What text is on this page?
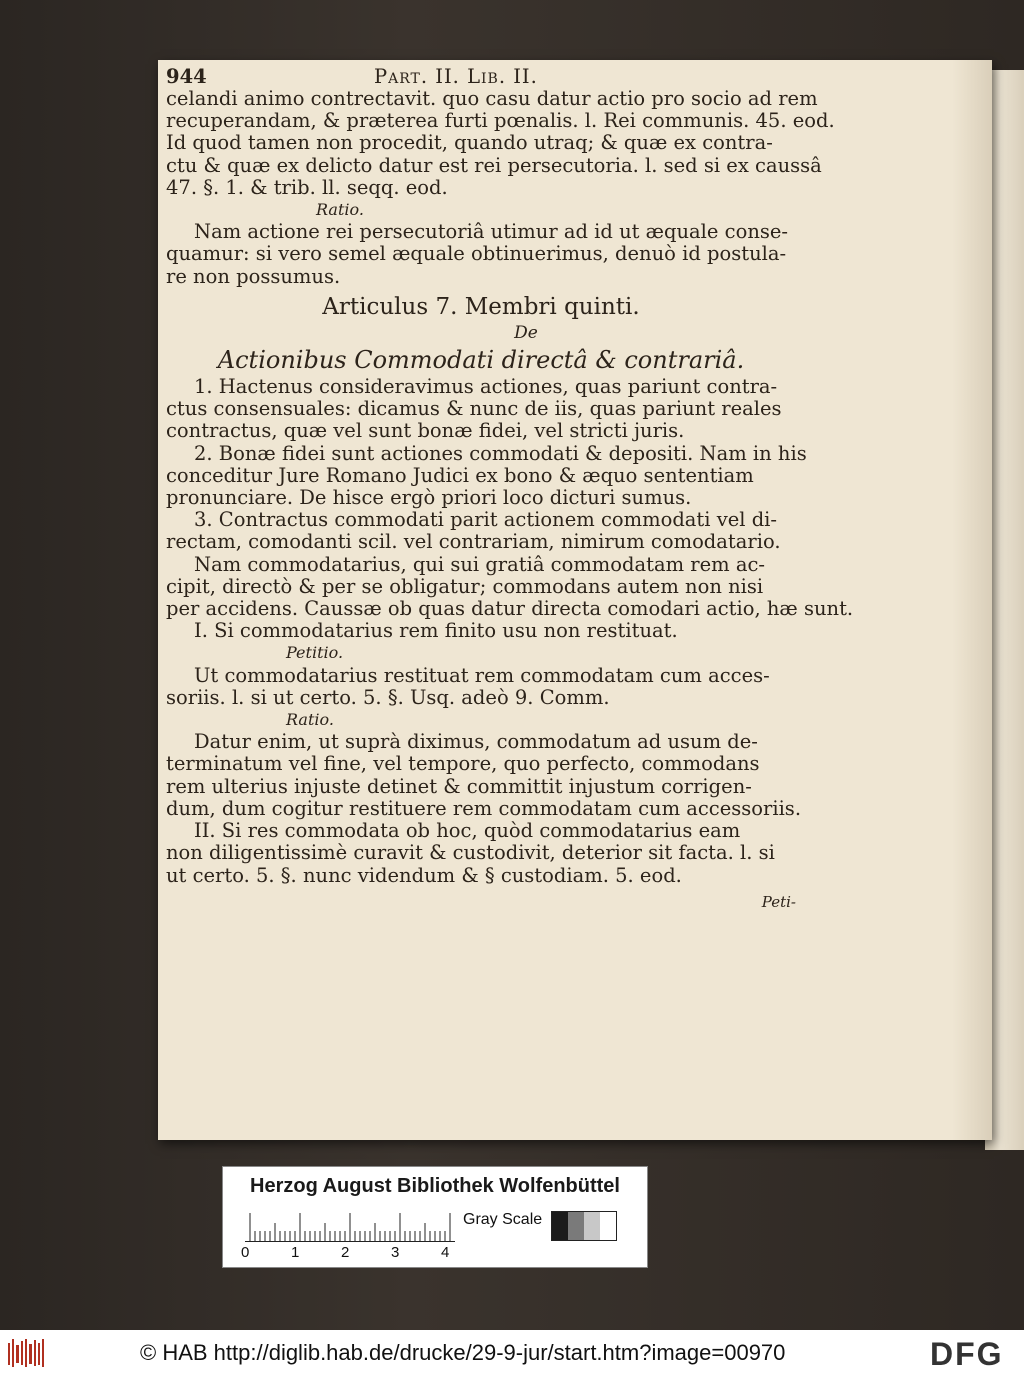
944	Part. II. Lib. II.
celandi animo contrectavit. quo casu datur actio pro socio ad rem
recuperandam, & præterea furti pœnalis. l. Rei communis. 45. eod.
Id quod tamen non procedit, quando utraq; & quæ ex contra-
ctu & quæ ex delicto datur est rei persecutoria. l. sed si ex caussâ
47. §. 1. & trib. ll. seqq. eod.
Ratio.
Nam actione rei persecutoriâ utimur ad id ut æquale conse-
quamur: si vero semel æquale obtinuerimus, denuò id postula-
re non possumus.
Articulus 7. Membri quinti.
De
Actionibus Commodati directâ & contrariâ.
1. Hactenus consideravimus actiones, quas pariunt contra-
ctus consensuales: dicamus & nunc de iis, quas pariunt reales
contractus, quæ vel sunt bonæ fidei, vel stricti juris.
2. Bonæ fidei sunt actiones commodati & depositi. Nam in his
conceditur Jure Romano Judici ex bono & æquo sententiam
pronunciare. De hisce ergò priori loco dicturi sumus.
3. Contractus commodati parit actionem commodati vel di-
rectam, comodanti scil. vel contrariam, nimirum comodatario.
Nam commodatarius, qui sui gratiâ commodatam rem ac-
cipit, directò & per se obligatur; commodans autem non nisi
per accidens. Caussæ ob quas datur directa comodari actio, hæ sunt.
I. Si commodatarius rem finito usu non restituat.
Petitio.
Ut commodatarius restituat rem commodatam cum acces-
soriis. l. si ut certo. 5. §. Usq. adeò 9. Comm.
Ratio.
Datur enim, ut suprà diximus, commodatum ad usum de-
terminatum vel fine, vel tempore, quo perfecto, commodans
rem ulterius injuste detinet & committit injustum corrigen-
dum, dum cogitur restituere rem commodatam cum accessoriis.
II. Si res commodata ob hoc, quòd commodatarius eam
non diligentissimè curavit & custodivit, deterior sit facta. l. si
ut certo. 5. §. nunc videndum & § custodiam. 5. eod.
Peti-
Herzog August Bibliothek Wolfenbüttel
0	1	2	3	4
Gray Scale
© HAB http://diglib.hab.de/drucke/29-9-jur/start.htm?image=00970	DFG
